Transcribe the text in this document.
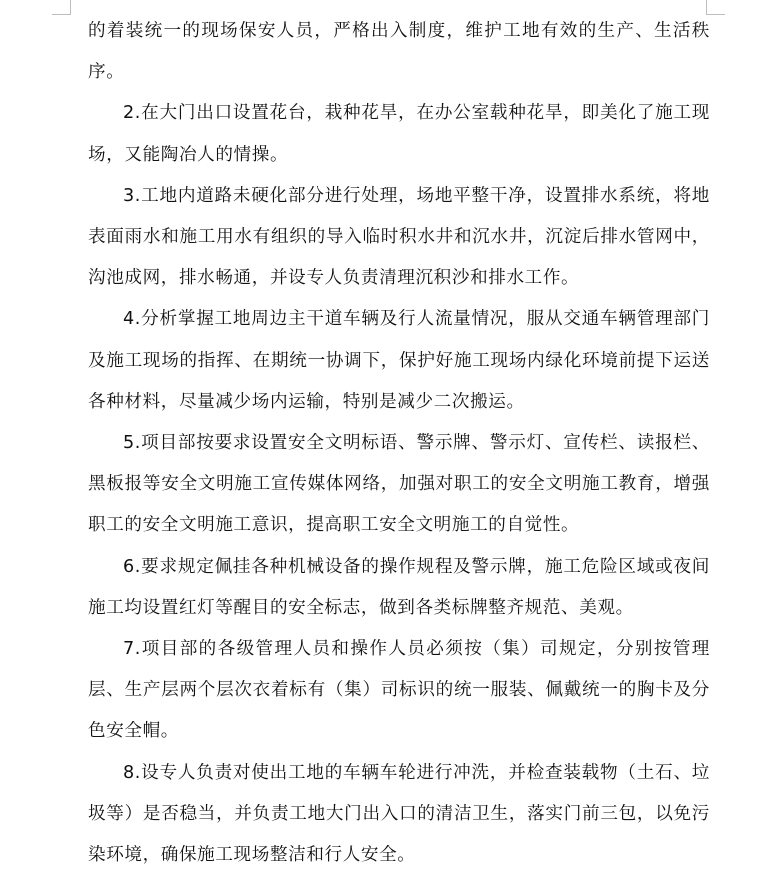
的着装统一的现场保安人员，严格出入制度，维护工地有效的生产、生活秩序。

2.在大门出口设置花台，栽种花旱，在办公室载种花旱，即美化了施工现场，又能陶冶人的情操。

3.工地内道路未硬化部分进行处理，场地平整干净，设置排水系统，将地表面雨水和施工用水有组织的导入临时积水井和沉水井，沉淀后排水管网中，沟池成网，排水畅通，并设专人负责清理沉积沙和排水工作。

4.分析掌握工地周边主干道车辆及行人流量情况，服从交通车辆管理部门及施工现场的指挥、在期统一协调下，保护好施工现场内绿化环境前提下运送各种材料，尽量减少场内运输，特别是减少二次搬运。

5.项目部按要求设置安全文明标语、警示牌、警示灯、宣传栏、读报栏、黑板报等安全文明施工宣传媒体网络，加强对职工的安全文明施工教育，增强职工的安全文明施工意识，提高职工安全文明施工的自觉性。

6.要求规定佩挂各种机械设备的操作规程及警示牌，施工危险区域或夜间施工均设置红灯等醒目的安全标志，做到各类标牌整齐规范、美观。

7.项目部的各级管理人员和操作人员必须按（集）司规定，分别按管理层、生产层两个层次衣着标有（集）司标识的统一服装、佩戴统一的胸卡及分色安全帽。

8.设专人负责对使出工地的车辆车轮进行冲洗，并检查装载物（土石、垃圾等）是否稳当，并负责工地大门出入口的清洁卫生，落实门前三包，以免污染环境，确保施工现场整洁和行人安全。
